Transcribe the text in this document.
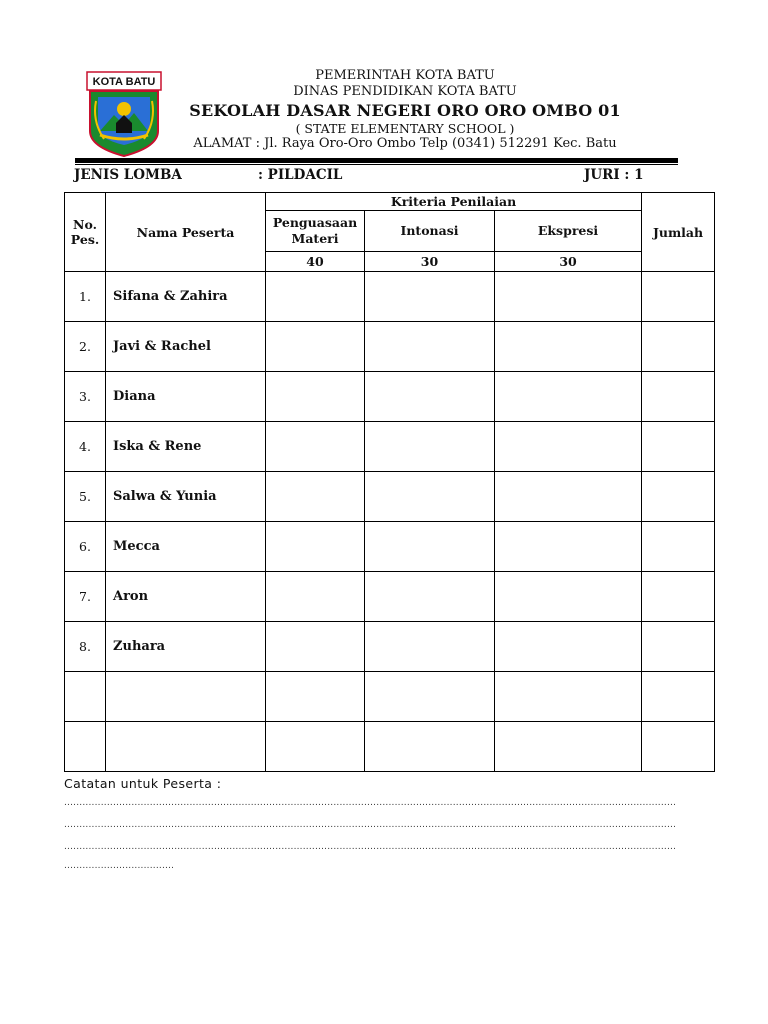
KOTA BATU	PEMERINTAH KOTA BATU
DINAS PENDIDIKAN KOTA BATU
SEKOLAH DASAR NEGERI ORO ORO OMBO 01
( STATE ELEMENTARY SCHOOL )
ALAMAT : Jl. Raya Oro-Oro Ombo Telp (0341) 512291 Kec. Batu
JENIS LOMBA	: PILDACIL	JURI : 1
No. Pes.	Nama Peserta	Kriteria Penilaian			Jumlah
		Penguasaan Materi	Intonasi	Ekspresi	
		40	30	30	
1.	Sifana & Zahira				
2.	Javi & Rachel				
3.	Diana				
4.	Iska & Rene				
5.	Salwa & Yunia				
6.	Mecca				
7.	Aron				
8.	Zuhara				

Catatan untuk Peserta :
........................................................................................................................................................................................................
........................................................................................................................................................................................................
........................................................................................................................................................................................................
....................................
